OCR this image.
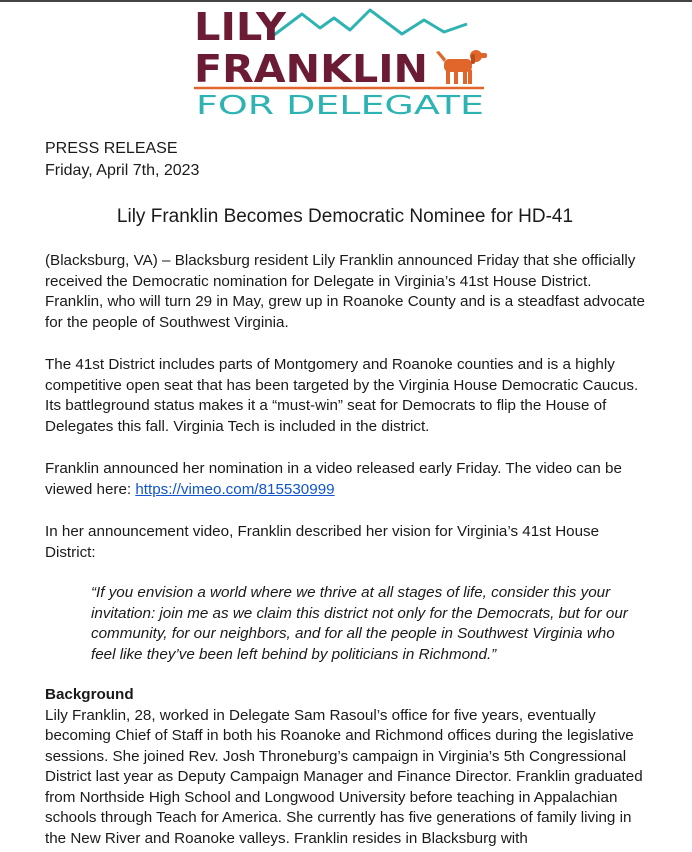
LILY
FRANKLIN
FOR DELEGATE

PRESS RELEASE
Friday, April 7th, 2023

Lily Franklin Becomes Democratic Nominee for HD-41

(Blacksburg, VA) – Blacksburg resident Lily Franklin announced Friday that she officially received the Democratic nomination for Delegate in Virginia’s 41st House District. Franklin, who will turn 29 in May, grew up in Roanoke County and is a steadfast advocate for the people of Southwest Virginia.

The 41st District includes parts of Montgomery and Roanoke counties and is a highly competitive open seat that has been targeted by the Virginia House Democratic Caucus. Its battleground status makes it a “must-win” seat for Democrats to flip the House of Delegates this fall. Virginia Tech is included in the district.

Franklin announced her nomination in a video released early Friday. The video can be viewed here: https://vimeo.com/815530999

In her announcement video, Franklin described her vision for Virginia’s 41st House District:

“If you envision a world where we thrive at all stages of life, consider this your invitation: join me as we claim this district not only for the Democrats, but for our community, for our neighbors, and for all the people in Southwest Virginia who feel like they’ve been left behind by politicians in Richmond.”

Background

Lily Franklin, 28, worked in Delegate Sam Rasoul’s office for five years, eventually becoming Chief of Staff in both his Roanoke and Richmond offices during the legislative sessions. She joined Rev. Josh Throneburg’s campaign in Virginia’s 5th Congressional District last year as Deputy Campaign Manager and Finance Director. Franklin graduated from Northside High School and Longwood University before teaching in Appalachian schools through Teach for America. She currently has five generations of family living in the New River and Roanoke valleys. Franklin resides in Blacksburg with
